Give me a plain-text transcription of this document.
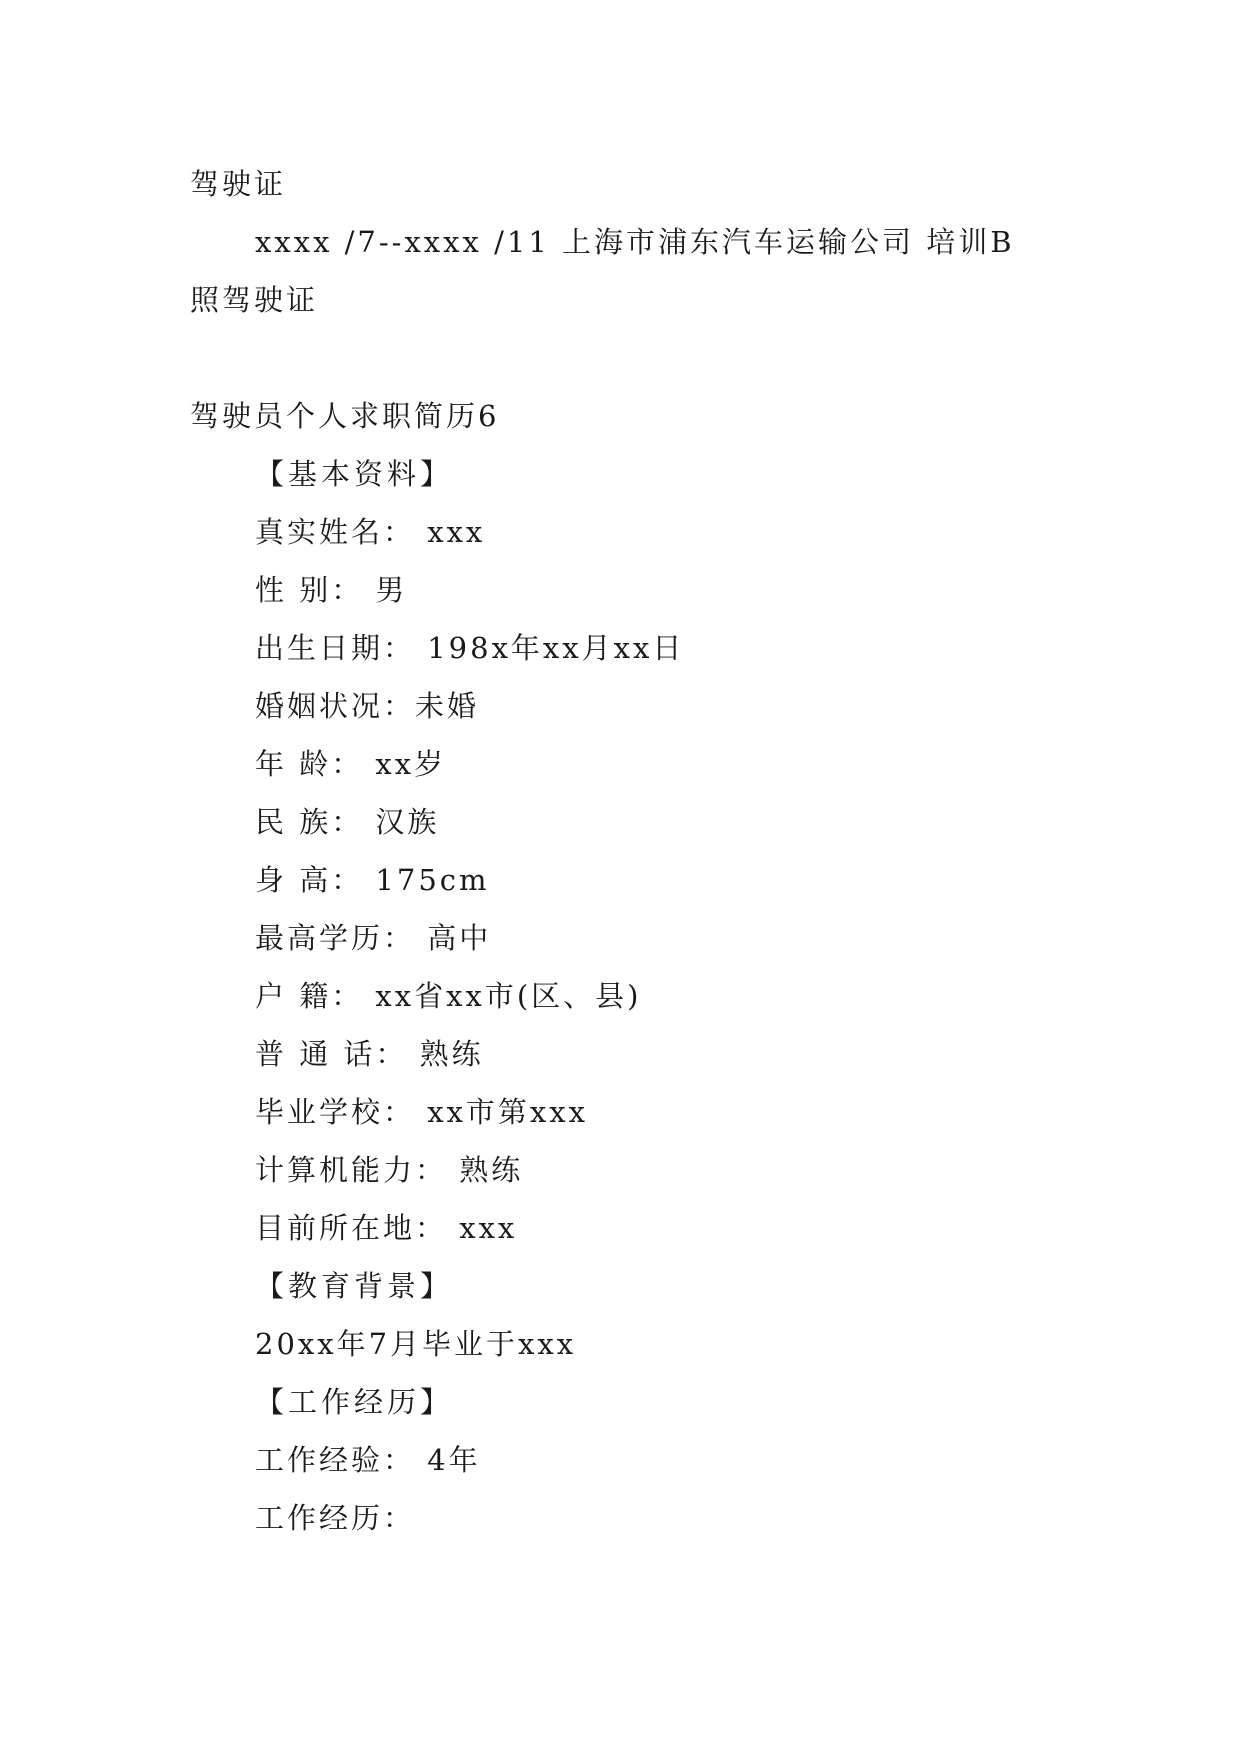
驾驶证
xxxx /7--xxxx /11 上海市浦东汽车运输公司 培训B
照驾驶证
驾驶员个人求职简历6
【基本资料】
真实姓名： xxx
性 别： 男
出生日期： 198x年xx月xx日
婚姻状况：未婚
年 龄： xx岁
民 族： 汉族
身 高： 175cm
最高学历： 高中
户 籍： xx省xx市(区、县)
普 通 话： 熟练
毕业学校： xx市第xxx
计算机能力： 熟练
目前所在地： xxx
【教育背景】
20xx年7月毕业于xxx
【工作经历】
工作经验： 4年
工作经历：
